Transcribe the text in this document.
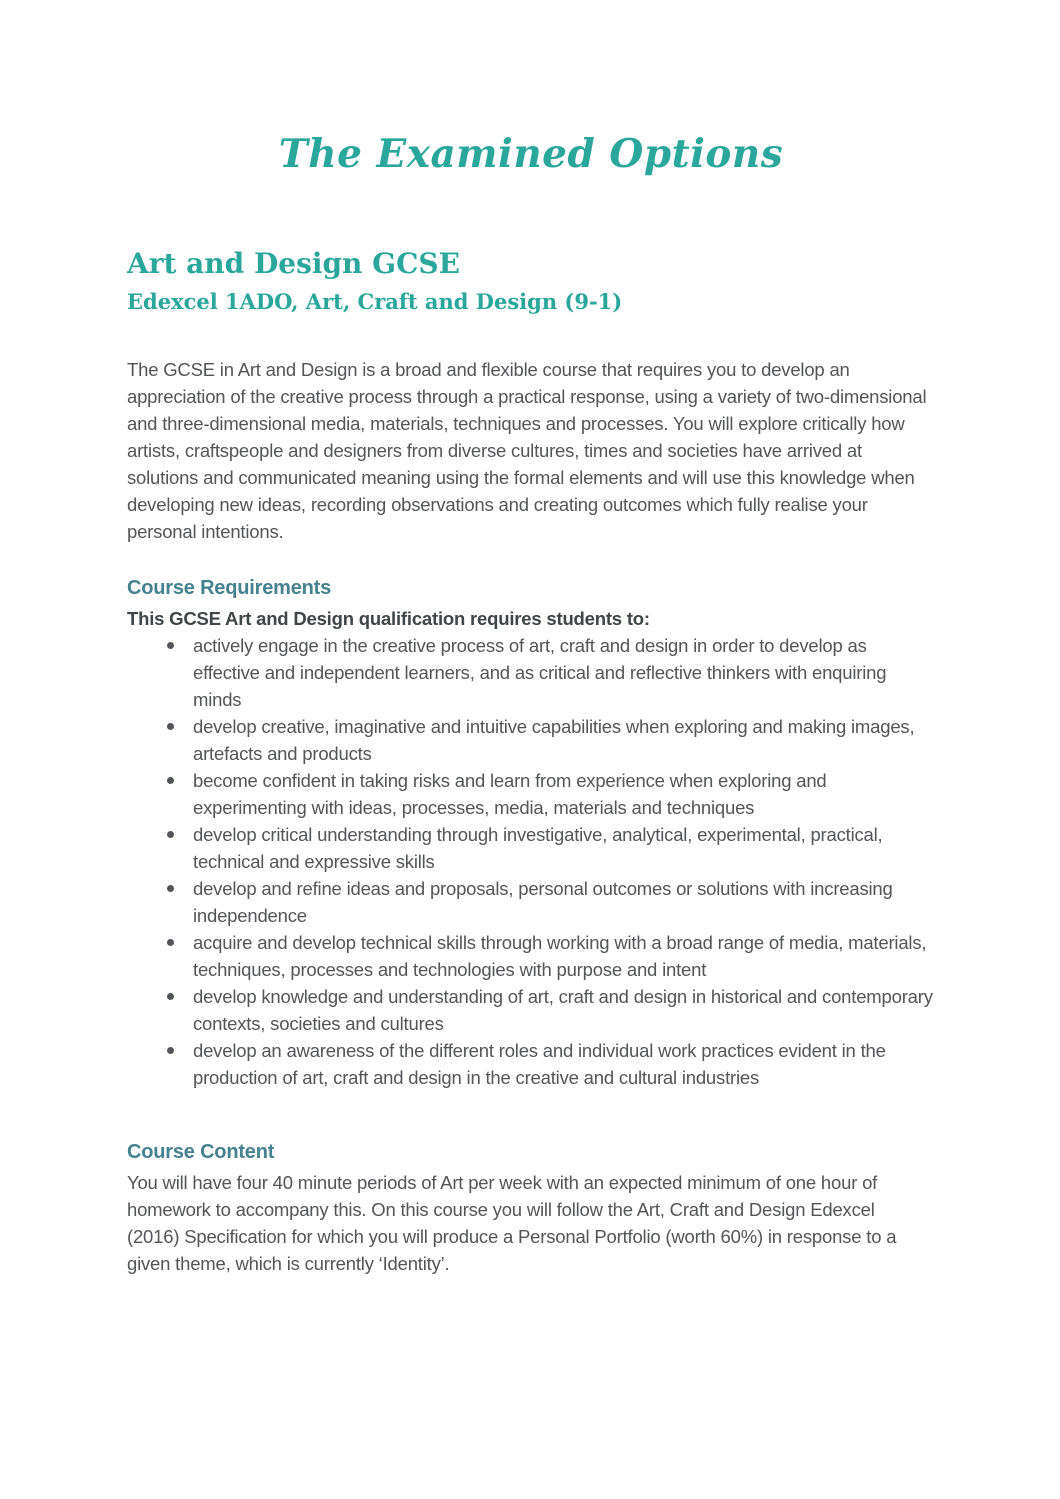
The Examined Options
Art and Design GCSE
Edexcel 1ADO, Art, Craft and Design (9-1)

The GCSE in Art and Design is a broad and flexible course that requires you to develop an appreciation of the creative process through a practical response, using a variety of two-dimensional and three-dimensional media, materials, techniques and processes. You will explore critically how artists, craftspeople and designers from diverse cultures, times and societies have arrived at solutions and communicated meaning using the formal elements and will use this knowledge when developing new ideas, recording observations and creating outcomes which fully realise your personal intentions.

Course Requirements

This GCSE Art and Design qualification requires students to:

actively engage in the creative process of art, craft and design in order to develop as effective and independent learners, and as critical and reflective thinkers with enquiring minds
develop creative, imaginative and intuitive capabilities when exploring and making images, artefacts and products
become confident in taking risks and learn from experience when exploring and experimenting with ideas, processes, media, materials and techniques
develop critical understanding through investigative, analytical, experimental, practical, technical and expressive skills
develop and refine ideas and proposals, personal outcomes or solutions with increasing independence
acquire and develop technical skills through working with a broad range of media, materials, techniques, processes and technologies with purpose and intent
develop knowledge and understanding of art, craft and design in historical and contemporary contexts, societies and cultures
develop an awareness of the different roles and individual work practices evident in the production of art, craft and design in the creative and cultural industries
Course Content

You will have four 40 minute periods of Art per week with an expected minimum of one hour of homework to accompany this. On this course you will follow the Art, Craft and Design Edexcel  (2016) Specification for which you will produce a Personal Portfolio (worth 60%) in response to a given theme, which is currently ‘Identity’.
